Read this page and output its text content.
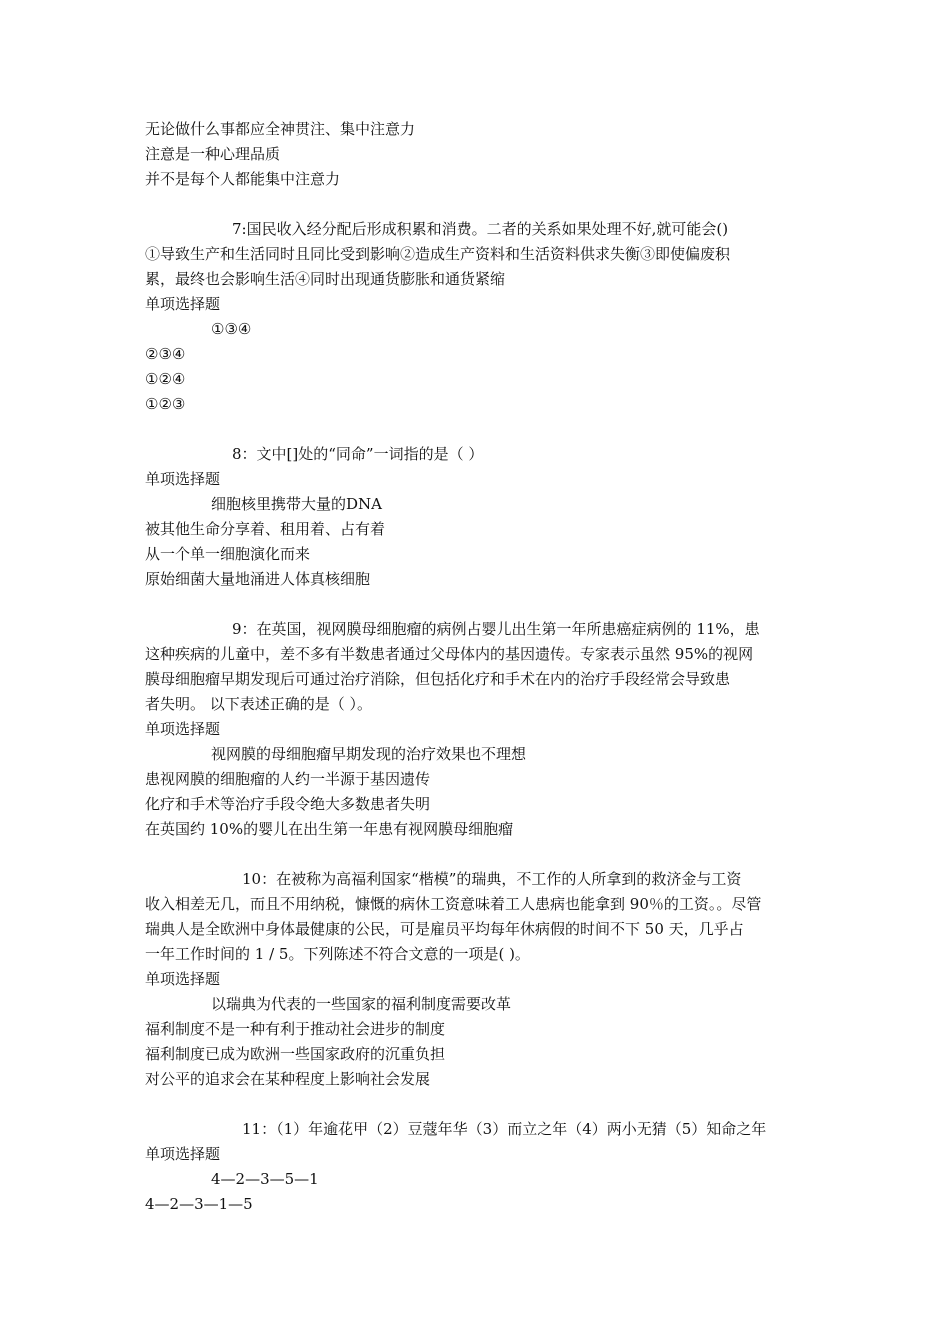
无论做什么事都应全神贯注、集中注意力
注意是一种心理品质
并不是每个人都能集中注意力
7:国民收入经分配后形成积累和消费。二者的关系如果处理不好,就可能会()
①导致生产和生活同时且同比受到影响②造成生产资料和生活资料供求失衡③即使偏废积
累，最终也会影响生活④同时出现通货膨胀和通货紧缩
单项选择题
①③④
②③④
①②④
①②③
8：文中[]处的“同命”一词指的是（ ）
单项选择题
细胞核里携带大量的DNA
被其他生命分享着、租用着、占有着
从一个单一细胞演化而来
原始细菌大量地涌进人体真核细胞
9：在英国，视网膜母细胞瘤的病例占婴儿出生第一年所患癌症病例的 11%，患
这种疾病的儿童中，差不多有半数患者通过父母体内的基因遗传。专家表示虽然 95%的视网
膜母细胞瘤早期发现后可通过治疗消除，但包括化疗和手术在内的治疗手段经常会导致患
者失明。 以下表述正确的是（ ）。
单项选择题
视网膜的母细胞瘤早期发现的治疗效果也不理想
患视网膜的细胞瘤的人约一半源于基因遗传
化疗和手术等治疗手段令绝大多数患者失明
在英国约 10%的婴儿在出生第一年患有视网膜母细胞瘤
10：在被称为高福利国家“楷模”的瑞典，不工作的人所拿到的救济金与工资
收入相差无几，而且不用纳税，慷慨的病休工资意味着工人患病也能拿到 90％的工资。。尽管
瑞典人是全欧洲中身体最健康的公民，可是雇员平均每年休病假的时间不下 50 天，几乎占
一年工作时间的 1 / 5。下列陈述不符合文意的一项是( )。
单项选择题
以瑞典为代表的一些国家的福利制度需要改革
福利制度不是一种有利于推动社会进步的制度
福利制度已成为欧洲一些国家政府的沉重负担
对公平的追求会在某种程度上影响社会发展
11：（1）年逾花甲（2）豆蔻年华（3）而立之年（4）两小无猜（5）知命之年
单项选择题
4—2—3—5—1
4—2—3—1—5
